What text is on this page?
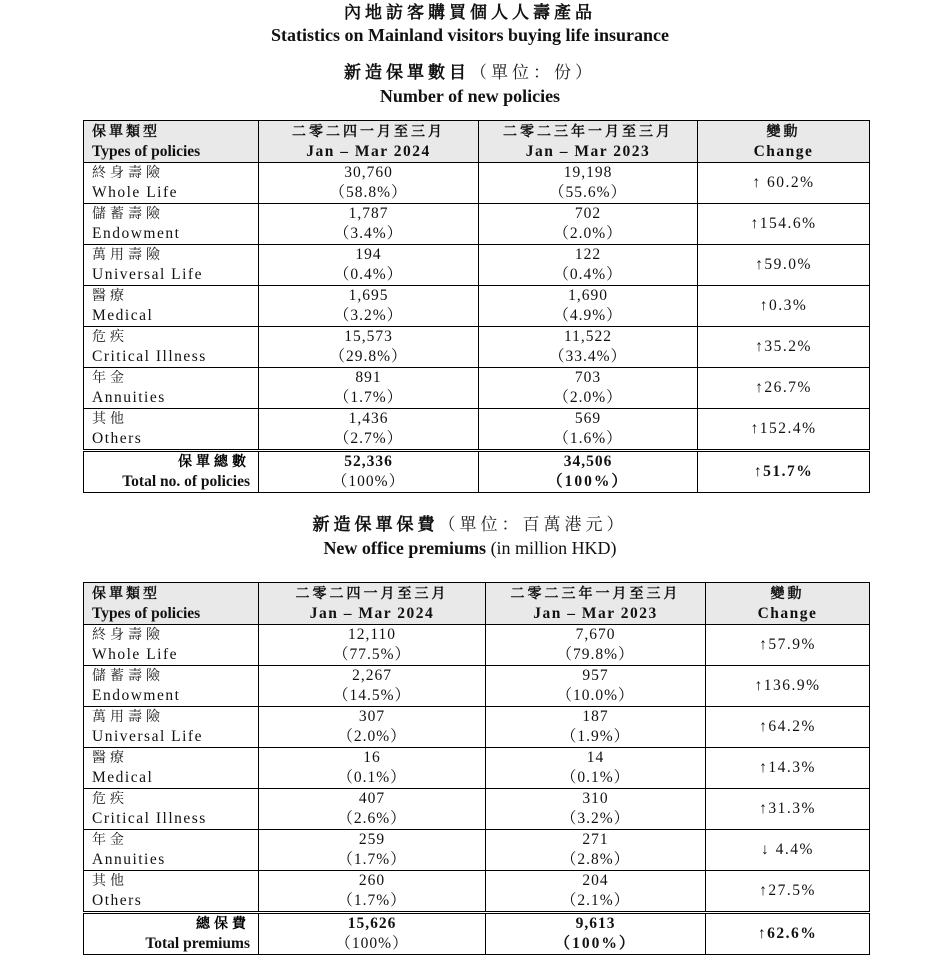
內地訪客購買個人人壽產品
Statistics on Mainland visitors buying life insurance
新造保單數目（單位：份）
Number of new policies
保單類型
Types of policies

二零二四一月至三月
Jan – Mar 2024

二零二三年一月至三月
Jan – Mar 2023

變動
Change

終身壽險
Whole Life

30,760
（58.8%）

19,198
（55.6%）
	↑ 60.2%

儲蓄壽險
Endowment

1,787
（3.4%）

702
（2.0%）
	↑154.6%

萬用壽險
Universal Life

194
（0.4%）

122
（0.4%）
	↑59.0%

醫療
Medical

1,695
（3.2%）

1,690
（4.9%）
	↑0.3%

危疾
Critical Illness

15,573
（29.8%）

11,522
（33.4%）
	↑35.2%

年金
Annuities

891
（1.7%）

703
（2.0%）
	↑26.7%

其他
Others

1,436
（2.7%）

569
（1.6%）
	↑152.4%

保單總數
Total no. of policies

52,336
（100%）

34,506
（100%）
	↑51.7%
新造保單保費（單位：百萬港元）
New office premiums (in million HKD)
保單類型
Types of policies

二零二四一月至三月
Jan – Mar 2024

二零二三年一月至三月
Jan – Mar 2023

變動
Change

終身壽險
Whole Life

12,110
（77.5%）

7,670
（79.8%）
	↑57.9%

儲蓄壽險
Endowment

2,267
（14.5%）

957
（10.0%）
	↑136.9%

萬用壽險
Universal Life

307
（2.0%）

187
（1.9%）
	↑64.2%

醫療
Medical

16
（0.1%）

14
（0.1%）
	↑14.3%

危疾
Critical Illness

407
（2.6%）

310
（3.2%）
	↑31.3%

年金
Annuities

259
（1.7%）

271
（2.8%）
	↓ 4.4%

其他
Others

260
（1.7%）

204
（2.1%）
	↑27.5%

總保費
Total premiums

15,626
（100%）

9,613
（100%）
	↑62.6%
